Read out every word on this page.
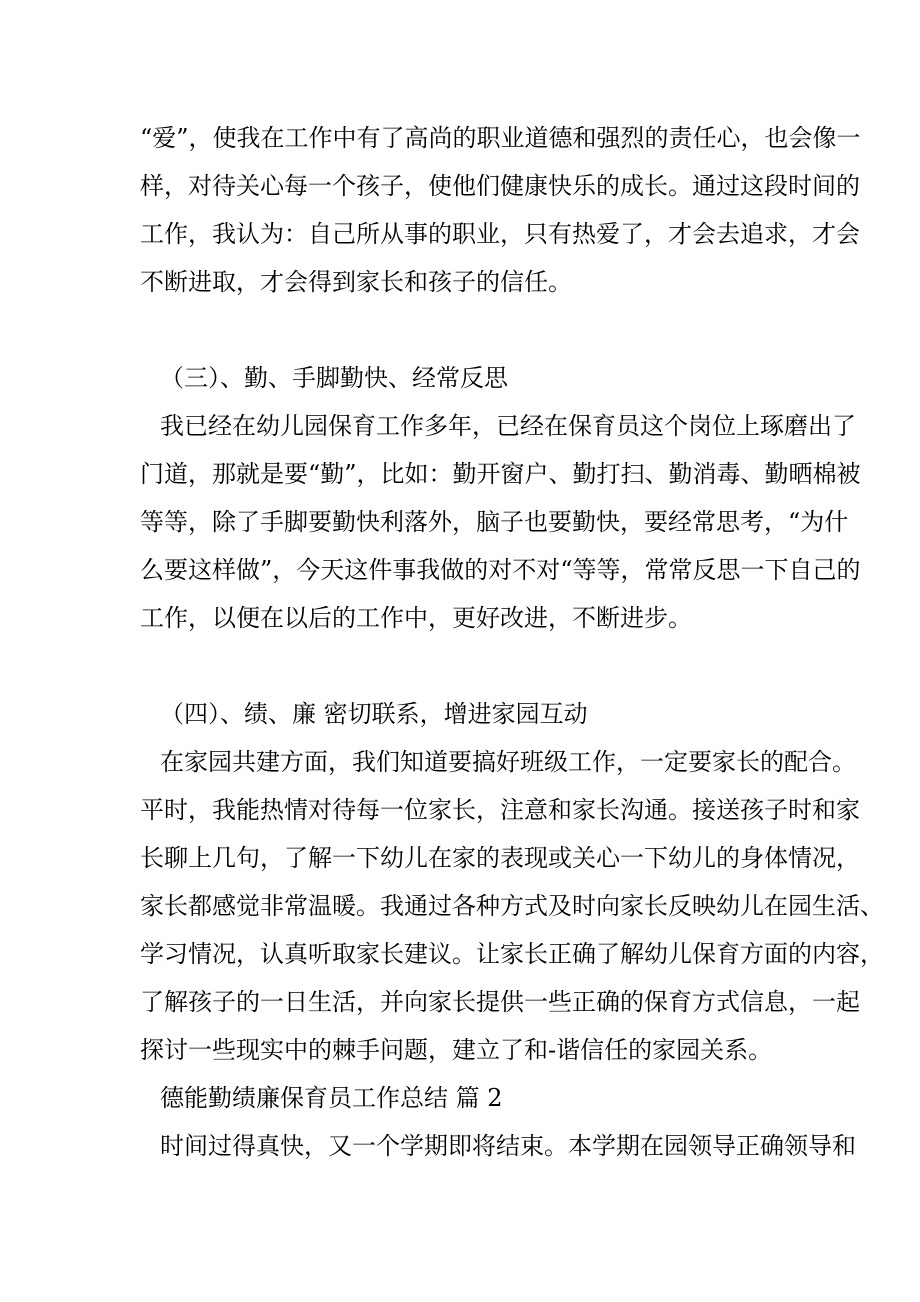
“爱”，使我在工作中有了高尚的职业道德和强烈的责任心，也会像一
样，对待关心每一个孩子，使他们健康快乐的成长。通过这段时间的
工作，我认为：自己所从事的职业，只有热爱了，才会去追求，才会
不断进取，才会得到家长和孩子的信任。
（三）、勤、手脚勤快、经常反思
我已经在幼儿园保育工作多年，已经在保育员这个岗位上琢磨出了
门道，那就是要“勤”，比如：勤开窗户、勤打扫、勤消毒、勤晒棉被
等等，除了手脚要勤快利落外，脑子也要勤快，要经常思考，“为什
么要这样做”，今天这件事我做的对不对“等等，常常反思一下自己的
工作，以便在以后的工作中，更好改进，不断进步。
（四）、绩、廉 密切联系，增进家园互动
在家园共建方面，我们知道要搞好班级工作，一定要家长的配合。
平时，我能热情对待每一位家长，注意和家长沟通。接送孩子时和家
长聊上几句，了解一下幼儿在家的表现或关心一下幼儿的身体情况，
家长都感觉非常温暖。我通过各种方式及时向家长反映幼儿在园生活、
学习情况，认真听取家长建议。让家长正确了解幼儿保育方面的内容，
了解孩子的一日生活，并向家长提供一些正确的保育方式信息，一起
探讨一些现实中的棘手问题，建立了和-谐信任的家园关系。
德能勤绩廉保育员工作总结 篇 2
时间过得真快，又一个学期即将结束。本学期在园领导正确领导和
